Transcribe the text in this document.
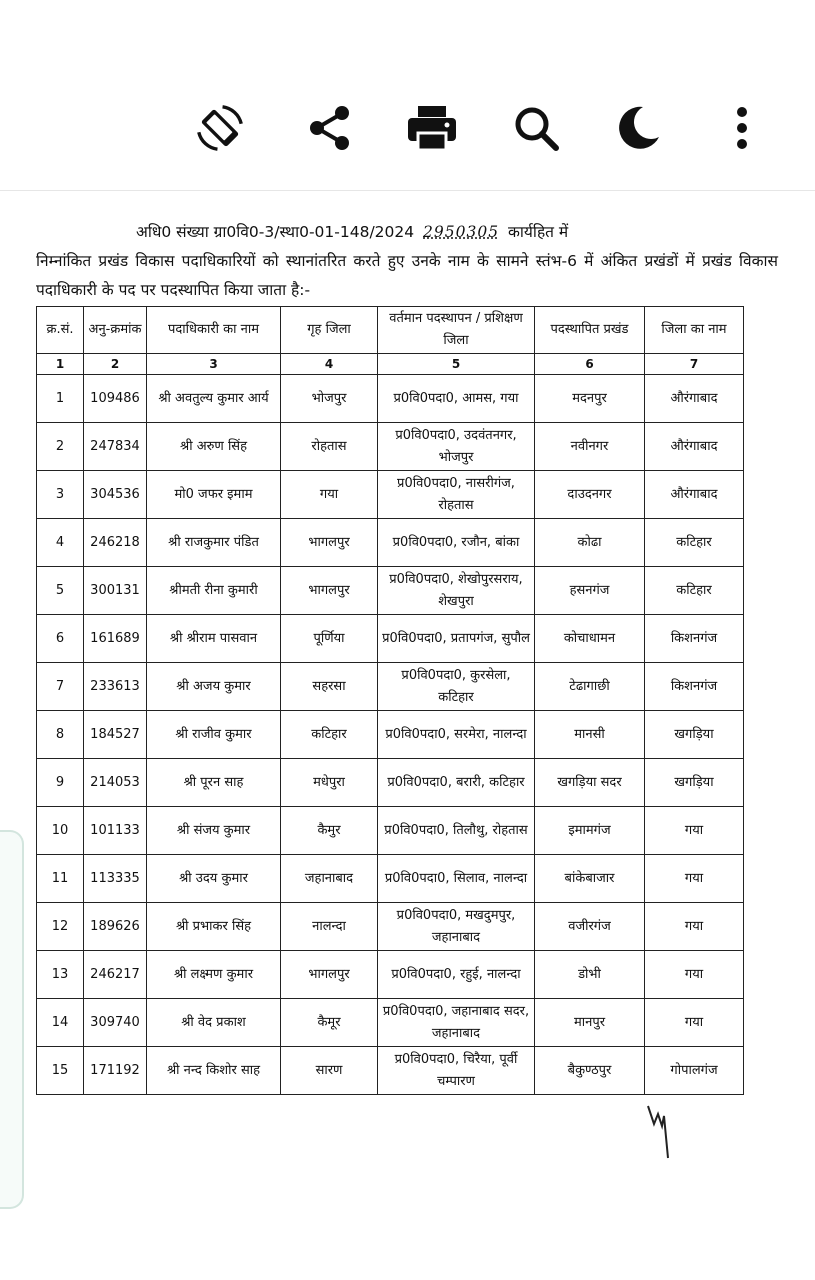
अधि0 संख्या ग्रा0वि0-3/स्था0-01-148/2024 2950305 कार्यहित में
निम्नांकित प्रखंड विकास पदाधिकारियों को स्थानांतरित करते हुए उनके नाम के सामने स्तंभ-6 में अंकित प्रखंडों में प्रखंड विकास पदाधिकारी के पद पर पदस्थापित किया जाता है:-
क्र.सं.	अनु-क्रमांक	पदाधिकारी का नाम	गृह जिला	वर्तमान पदस्थापन / प्रशिक्षण जिला	पदस्थापित प्रखंड	जिला का नाम
1	2	3	4	5	6	7
1	109486	श्री अवतुल्य कुमार आर्य	भोजपुर	प्र0वि0पदा0, आमस, गया	मदनपुर	औरंगाबाद
2	247834	श्री अरुण सिंह	रोहतास	प्र0वि0पदा0, उदवंतनगर, भोजपुर	नवीनगर	औरंगाबाद
3	304536	मो0 जफर इमाम	गया	प्र0वि0पदा0, नासरीगंज, रोहतास	दाउदनगर	औरंगाबाद
4	246218	श्री राजकुमार पंडित	भागलपुर	प्र0वि0पदा0, रजौन, बांका	कोढा	कटिहार
5	300131	श्रीमती रीना कुमारी	भागलपुर	प्र0वि0पदा0, शेखोपुरसराय, शेखपुरा	हसनगंज	कटिहार
6	161689	श्री श्रीराम पासवान	पूर्णिया	प्र0वि0पदा0, प्रतापगंज, सुपौल	कोचाधामन	किशनगंज
7	233613	श्री अजय कुमार	सहरसा	प्र0वि0पदा0, कुरसेला, कटिहार	टेढागाछी	किशनगंज
8	184527	श्री राजीव कुमार	कटिहार	प्र0वि0पदा0, सरमेरा, नालन्दा	मानसी	खगड़िया
9	214053	श्री पूरन साह	मधेपुरा	प्र0वि0पदा0, बरारी, कटिहार	खगड़िया सदर	खगड़िया
10	101133	श्री संजय कुमार	कैमुर	प्र0वि0पदा0, तिलौथु, रोहतास	इमामगंज	गया
11	113335	श्री उदय कुमार	जहानाबाद	प्र0वि0पदा0, सिलाव, नालन्दा	बांकेबाजार	गया
12	189626	श्री प्रभाकर सिंह	नालन्दा	प्र0वि0पदा0, मखदुमपुर, जहानाबाद	वजीरगंज	गया
13	246217	श्री लक्ष्मण कुमार	भागलपुर	प्र0वि0पदा0, रहुई, नालन्दा	डोभी	गया
14	309740	श्री वेद प्रकाश	कैमूर	प्र0वि0पदा0, जहानाबाद सदर, जहानाबाद	मानपुर	गया
15	171192	श्री नन्द किशोर साह	सारण	प्र0वि0पदा0, चिरैया, पूर्वी चम्पारण	बैकुण्ठपुर	गोपालगंज
